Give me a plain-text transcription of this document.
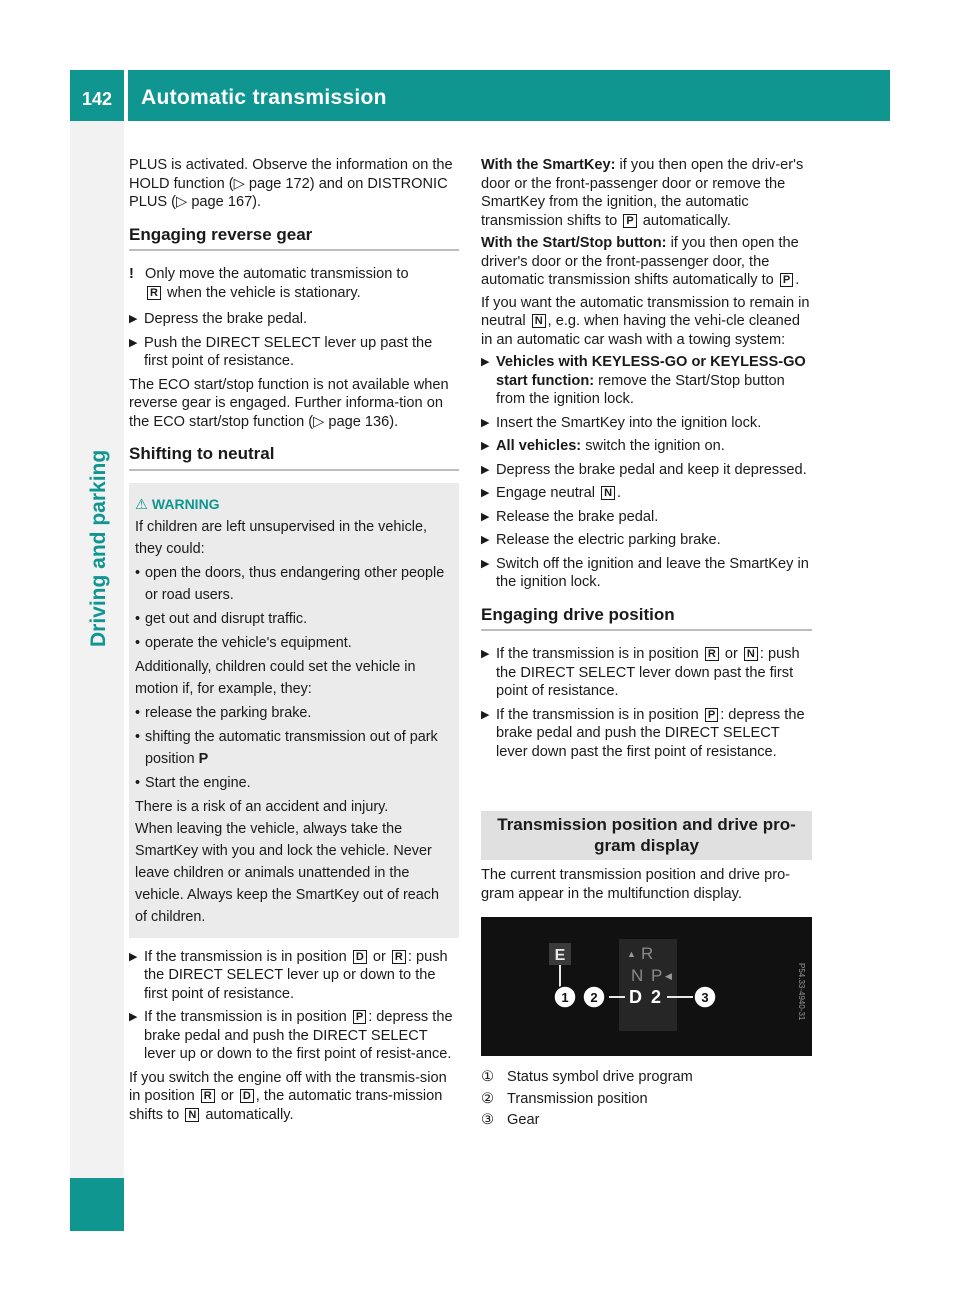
142 Automatic transmission
Driving and parking

PLUS is activated. Observe the information on the HOLD function (▷ page 172) and on DISTRONIC PLUS (▷ page 167).

Engaging reverse gear
! Only move the automatic transmission to
R when the vehicle is stationary.
▶ Depress the brake pedal.
▶ Push the DIRECT SELECT lever up past the first point of resistance.

The ECO start/stop function is not available when reverse gear is engaged. Further informa-tion on the ECO start/stop function (▷ page 136).

Shifting to neutral
⚠ WARNING

If children are left unsupervised in the vehicle, they could:

• open the doors, thus endangering other people or road users.
• get out and disrupt traffic.
• operate the vehicle's equipment.

Additionally, children could set the vehicle in motion if, for example, they:

• release the parking brake.
• shifting the automatic transmission out of park position P
• Start the engine.

There is a risk of an accident and injury.

When leaving the vehicle, always take the SmartKey with you and lock the vehicle. Never leave children or animals unattended in the vehicle. Always keep the SmartKey out of reach of children.

▶ If the transmission is in position D or R : push the DIRECT SELECT lever up or down to the first point of resistance.
▶ If the transmission is in position P : depress the brake pedal and push the DIRECT SELECT lever up or down to the first point of resist-ance.

If you switch the engine off with the transmis-sion in position R or D , the automatic trans-mission shifts to N automatically.

With the SmartKey: if you then open the driv-er's door or the front-passenger door or remove the SmartKey from the ignition, the automatic transmission shifts to P automatically.

With the Start/Stop button: if you then open the driver's door or the front-passenger door, the automatic transmission shifts automatically to P .

If you want the automatic transmission to remain in neutral N , e.g. when having the vehi-cle cleaned in an automatic car wash with a towing system:

▶ Vehicles with KEYLESS-GO or KEYLESS-GO start function: remove the Start/Stop button from the ignition lock.
▶ Insert the SmartKey into the ignition lock.
▶ All vehicles: switch the ignition on.
▶ Depress the brake pedal and keep it depressed.
▶ Engage neutral N .
▶ Release the brake pedal.
▶ Release the electric parking brake.
▶ Switch off the ignition and leave the SmartKey in the ignition lock.
Engaging drive position
▶ If the transmission is in position R or N : push the DIRECT SELECT lever down past the first point of resistance.
▶ If the transmission is in position P : depress the brake pedal and push the DIRECT SELECT lever down past the first point of resistance.
Transmission position and drive pro-gram display

The current transmission position and drive pro-gram appear in the multifunction display.

E	▲ R
N P ◀
D 2
1 2	3	P54.33-4940-31
① Status symbol drive program
② Transmission position
③ Gear
